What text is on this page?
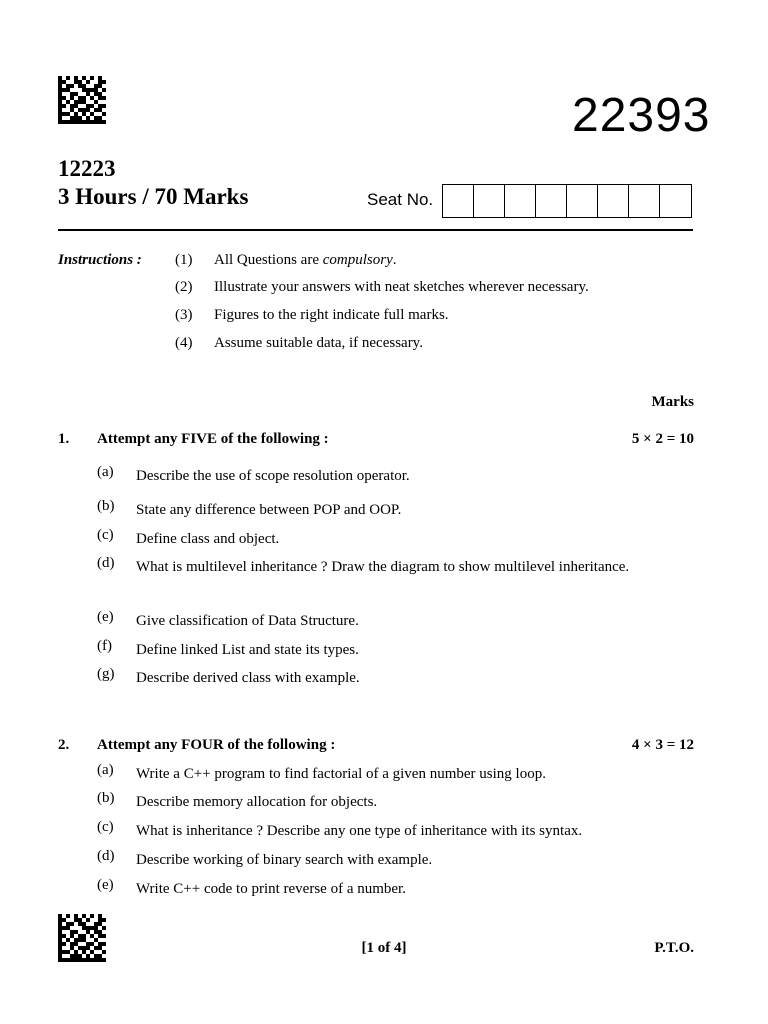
22393
12223
3 Hours / 70 Marks	Seat No.
Instructions : (1) All Questions are compulsory.
(2) Illustrate your answers with neat sketches wherever necessary.
(3) Figures to the right indicate full marks.
(4) Assume suitable data, if necessary.
Marks
1. Attempt any FIVE of the following :	5 × 2 = 10
(a) Describe the use of scope resolution operator.
(b) State any difference between POP and OOP.
(c) Define class and object.
(d) What is multilevel inheritance ? Draw the diagram to show multilevel inheritance.
(e) Give classification of Data Structure.
(f) Define linked List and state its types.
(g) Describe derived class with example.
2. Attempt any FOUR of the following :	4 × 3 = 12
(a) Write a C++ program to find factorial of a given number using loop.
(b) Describe memory allocation for objects.
(c) What is inheritance ? Describe any one type of inheritance with its syntax.
(d) Describe working of binary search with example.
(e) Write C++ code to print reverse of a number.
[1 of 4]	P.T.O.
